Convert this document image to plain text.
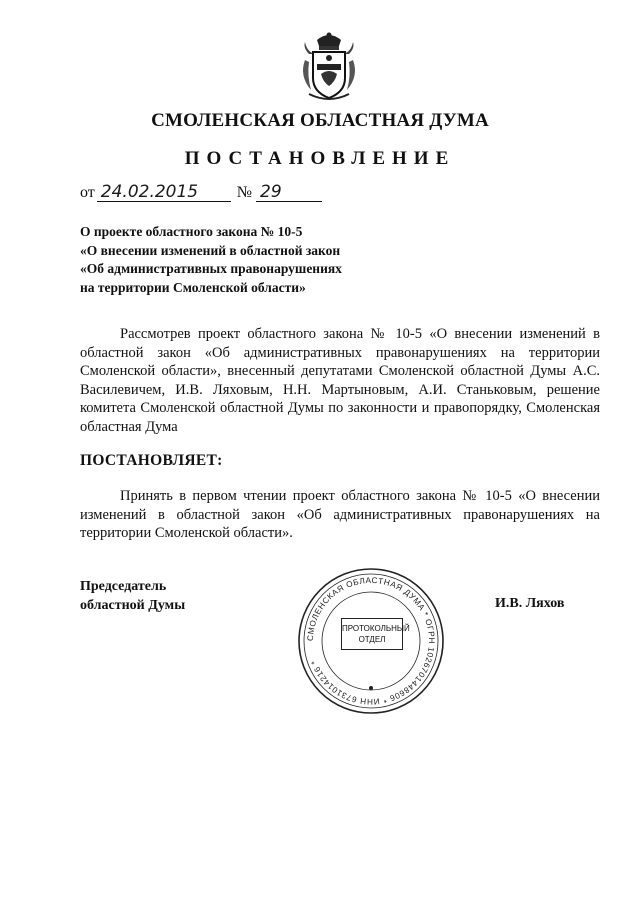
СМОЛЕНСКАЯ ОБЛАСТНАЯ ДУМА
ПОСТАНОВЛЕНИЕ
от 24.02.2015	№ 29
О проекте областного закона № 10-5
«О внесении изменений в областной закон
«Об административных правонарушениях
на территории Смоленской области»
Рассмотрев проект областного закона № 10-5 «О внесении изменений в областной закон «Об административных правонарушениях на территории Смоленской области», внесенный депутатами Смоленской областной Думы А.С. Василевичем, И.В. Ляховым, Н.Н. Мартыновым, А.И. Станьковым, решение комитета Смоленской областной Думы по законности и правопорядку, Смоленская областная Дума
ПОСТАНОВЛЯЕТ:
Принять в первом чтении проект областного закона № 10-5 «О внесении изменений в областной закон «Об административных правонарушениях на территории Смоленской области».
Председатель
областной Думы
СМОЛЕНСКАЯ ОБЛАСТНАЯ ДУМА * ОГРН 1026701448606 * ИНН 6731014216 *
ПРОТОКОЛЬНЫЙ
ОТДЕЛ
И.В. Ляхов
